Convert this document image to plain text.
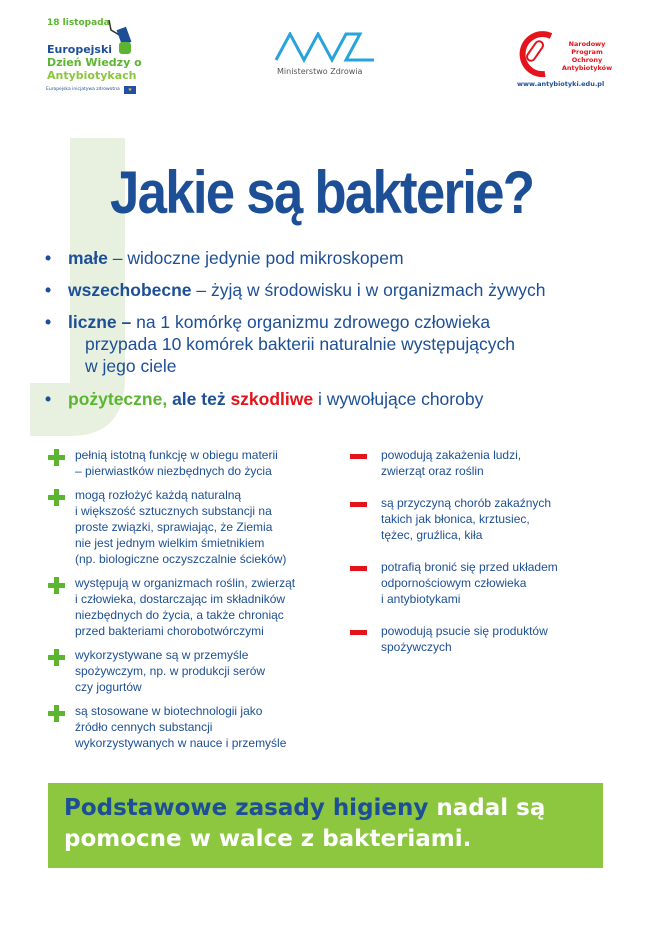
18 listopada
Europejski
Dzień Wiedzy o
Antybiotykach
Europejska inicjatywa zdrowotna	★
Ministerstwo Zdrowia
Narodowy
Program
Ochrony
Antybiotyków
www.antybiotyki.edu.pl
Jakie są bakterie?
• małe – widoczne jedynie pod mikroskopem
• wszechobecne – żyją w środowisku i w organizmach żywych
• liczne – na 1 komórkę organizmu zdrowego człowieka
przypada 10 komórek bakterii naturalnie występujących
w jego ciele
• pożyteczne, ale też szkodliwe i wywołujące choroby
pełnią istotną funkcję w obiegu materii
– pierwiastków niezbędnych do życia
mogą rozłożyć każdą naturalną
i większość sztucznych substancji na
proste związki, sprawiając, że Ziemia
nie jest jednym wielkim śmietnikiem
(np. biologiczne oczyszczalnie ścieków)
występują w organizmach roślin, zwierząt
i człowieka, dostarczając im składników
niezbędnych do życia, a także chroniąc
przed bakteriami chorobotwórczymi
wykorzystywane są w przemyśle
spożywczym, np. w produkcji serów
czy jogurtów
są stosowane w biotechnologii jako
źródło cennych substancji
wykorzystywanych w nauce i przemyśle
powodują zakażenia ludzi,
zwierząt oraz roślin
są przyczyną chorób zakaźnych
takich jak błonica, krztusiec,
tężec, gruźlica, kiła
potrafią bronić się przed układem
odpornościowym człowieka
i antybiotykami
powodują psucie się produktów
spożywczych
Podstawowe zasady higieny nadal są pomocne w walce z bakteriami.
